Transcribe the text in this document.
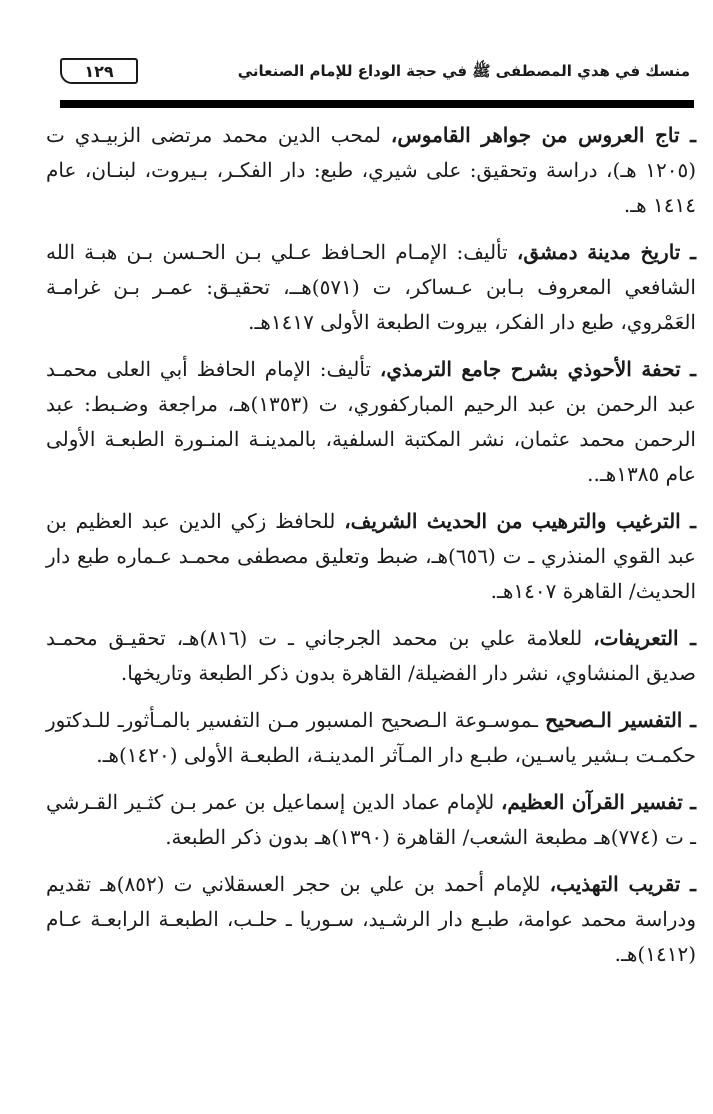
١٢٩	منسك في هدي المصطفى ﷺ في حجة الوداع للإمام الصنعاني

ـ تاج العروس من جواهر القاموس، لمحب الدين محمد مرتضى الزبيـدي ت (١٢٠٥ هـ)، دراسة وتحقيق: على شيري، طبع: دار الفكـر، بـيروت، لبنـان، عام ١٤١٤ هـ.

ـ تاريخ مدينة دمشق، تأليف: الإمـام الحـافظ عـلي بـن الحـسن بـن هبـة الله الشافعي المعروف بـابن عـساكر، ت (٥٧١)هــ، تحقيـق: عمـر بـن غرامـة العَمْروي، طبع دار الفكر، بيروت الطبعة الأولى ١٤١٧هـ.

ـ تحفة الأحوذي بشرح جامع الترمذي، تأليف: الإمام الحافظ أبي العلى محمـد عبد الرحمن بن عبد الرحيم المباركفوري، ت (١٣٥٣)هـ، مراجعة وضـبط: عبد الرحمن محمد عثمان، نشر المكتبة السلفية، بالمدينـة المنـورة الطبعـة الأولى عام ١٣٨٥هـ..

ـ الترغيب والترهيب من الحديث الشريف، للحافظ زكي الدين عبد العظيم بن عبد القوي المنذري ـ ت (٦٥٦)هـ، ضبط وتعليق مصطفى محمـد عـماره طبع دار الحديث/ القاهرة ١٤٠٧هـ.

ـ التعريفات، للعلامة علي بن محمد الجرجاني ـ ت (٨١٦)هـ، تحقيـق محمـد صديق المنشاوي، نشر دار الفضيلة/ القاهرة بدون ذكر الطبعة وتاريخها.

ـ التفسير الـصحيح ـموسـوعة الـصحيح المسبور مـن التفسير بالمـأثورـ للـدكتور حكمـت بـشير ياسـين، طبـع دار المـآثر المدينـة، الطبعـة الأولى (١٤٢٠)هـ.

ـ تفسير القرآن العظيم، للإمام عماد الدين إسماعيل بن عمر بـن كثـير القـرشي ـ ت (٧٧٤)هـ مطبعة الشعب/ القاهرة (١٣٩٠)هـ بدون ذكر الطبعة.

ـ تقريب التهذيب، للإمام أحمد بن علي بن حجر العسقلاني ت (٨٥٢)هـ تقديم ودراسة محمد عوامة، طبـع دار الرشـيد، سـوريا ـ حلـب، الطبعـة الرابعـة عـام (١٤١٢)هـ.
